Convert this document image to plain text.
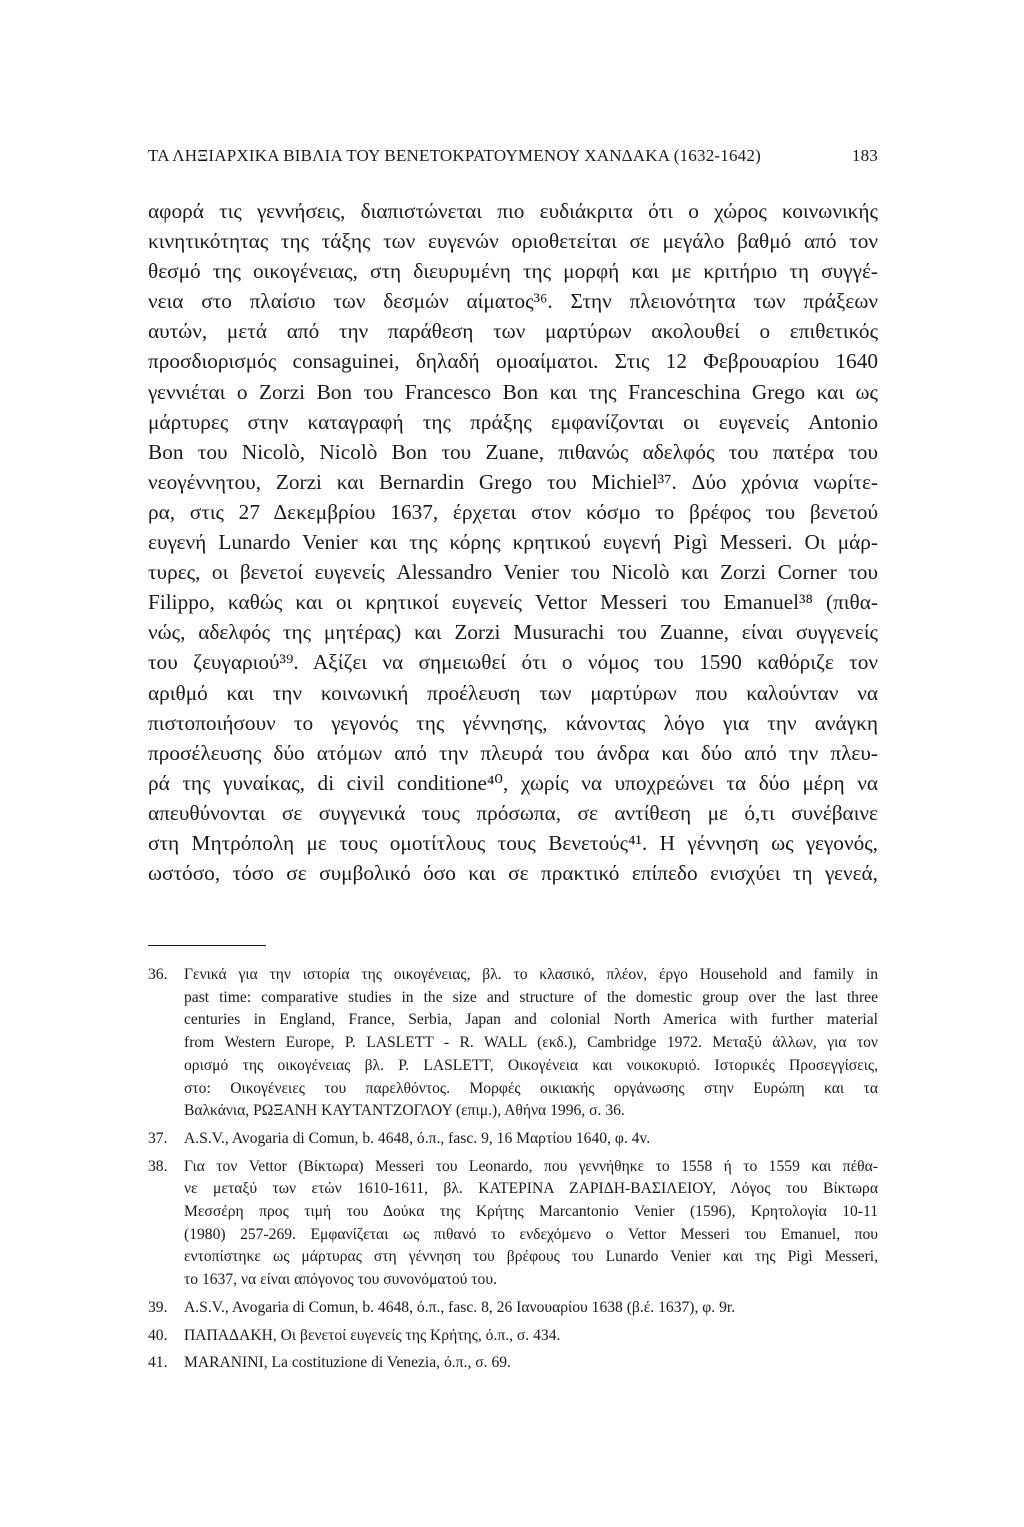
ΤΑ ΛΗΞΙΑΡΧΙΚΑ ΒΙΒΛΙΑ ΤΟΥ ΒΕΝΕΤΟΚΡΑΤΟΥΜΕΝΟΥ ΧΑΝΔΑΚΑ (1632-1642)	183
αφορά τις γεννήσεις, διαπιστώνεται πιο ευδιάκριτα ότι ο χώρος κοινωνικής
κινητικότητας της τάξης των ευγενών οριοθετείται σε μεγάλο βαθμό από τον
θεσμό της οικογένειας, στη διευρυμένη της μορφή και με κριτήριο τη συγγέ-
νεια στο πλαίσιο των δεσμών αίματος³⁶. Στην πλειονότητα των πράξεων
αυτών, μετά από την παράθεση των μαρτύρων ακολουθεί ο επιθετικός
προσδιορισμός consaguinei, δηλαδή ομοαίματοι. Στις 12 Φεβρουαρίου 1640
γεννιέται ο Zorzi Bon του Francesco Bon και της Franceschina Grego και ως
μάρτυρες στην καταγραφή της πράξης εμφανίζονται οι ευγενείς Antonio
Bon του Nicolò, Nicolò Bon του Zuane, πιθανώς αδελφός του πατέρα του
νεογέννητου, Zorzi και Bernardin Grego του Michiel³⁷. Δύο χρόνια νωρίτε-
ρα, στις 27 Δεκεμβρίου 1637, έρχεται στον κόσμο το βρέφος του βενετού
ευγενή Lunardo Venier και της κόρης κρητικού ευγενή Pigì Messeri. Οι μάρ-
τυρες, οι βενετοί ευγενείς Alessandro Venier του Nicolò και Zorzi Corner του
Filippo, καθώς και οι κρητικοί ευγενείς Vettor Messeri του Emanuel³⁸ (πιθα-
νώς, αδελφός της μητέρας) και Zorzi Musurachi του Zuanne, είναι συγγενείς
του ζευγαριού³⁹. Αξίζει να σημειωθεί ότι ο νόμος του 1590 καθόριζε τον
αριθμό και την κοινωνική προέλευση των μαρτύρων που καλούνταν να
πιστοποιήσουν το γεγονός της γέννησης, κάνοντας λόγο για την ανάγκη
προσέλευσης δύο ατόμων από την πλευρά του άνδρα και δύο από την πλευ-
ρά της γυναίκας, di civil conditione⁴⁰, χωρίς να υποχρεώνει τα δύο μέρη να
απευθύνονται σε συγγενικά τους πρόσωπα, σε αντίθεση με ό,τι συνέβαινε
στη Μητρόπολη με τους ομοτίτλους τους Βενετούς⁴¹. Η γέννηση ως γεγονός,
ωστόσο, τόσο σε συμβολικό όσο και σε πρακτικό επίπεδο ενισχύει τη γενεά,
36.	Γενικά για την ιστορία της οικογένειας, βλ. το κλασικό, πλέον, έργο Household and family in
past time: comparative studies in the size and structure of the domestic group over the last three
centuries in England, France, Serbia, Japan and colonial North America with further material
from Western Europe, P. LASLETT - R. WALL (εκδ.), Cambridge 1972. Μεταξύ άλλων, για τον
ορισμό της οικογένειας βλ. P. LASLETT, Οικογένεια και νοικοκυριό. Ιστορικές Προσεγγίσεις,
στο: Οικογένειες του παρελθόντος. Μορφές οικιακής οργάνωσης στην Ευρώπη και τα
Βαλκάνια, ΡΩΞΑΝΗ ΚΑΥΤΑΝΤΖΟΓΛΟΥ (επιμ.), Αθήνα 1996, σ. 36.
37.	A.S.V., Avogaria di Comun, b. 4648, ό.π., fasc. 9, 16 Μαρτίου 1640, φ. 4v.
38.	Για τον Vettor (Βίκτωρα) Messeri του Leonardo, που γεννήθηκε το 1558 ή το 1559 και πέθα-
νε μεταξύ των ετών 1610-1611, βλ. ΚΑΤΕΡΙΝΑ ΖΑΡΙΔΗ-ΒΑΣΙΛΕΙΟΥ, Λόγος του Βίκτωρα
Μεσσέρη προς τιμή του Δούκα της Κρήτης Marcantonio Venier (1596), Κρητολογία 10-11
(1980) 257-269. Εμφανίζεται ως πιθανό το ενδεχόμενο ο Vettor Messeri του Emanuel, που
εντοπίστηκε ως μάρτυρας στη γέννηση του βρέφους του Lunardo Venier και της Pigì Messeri,
το 1637, να είναι απόγονος του συνονόματού του.
39.	A.S.V., Avogaria di Comun, b. 4648, ό.π., fasc. 8, 26 Ιανουαρίου 1638 (β.έ. 1637), φ. 9r.
40.	ΠΑΠΑΔΑΚΗ, Οι βενετοί ευγενείς της Κρήτης, ό.π., σ. 434.
41.	MARANINI, La costituzione di Venezia, ό.π., σ. 69.
